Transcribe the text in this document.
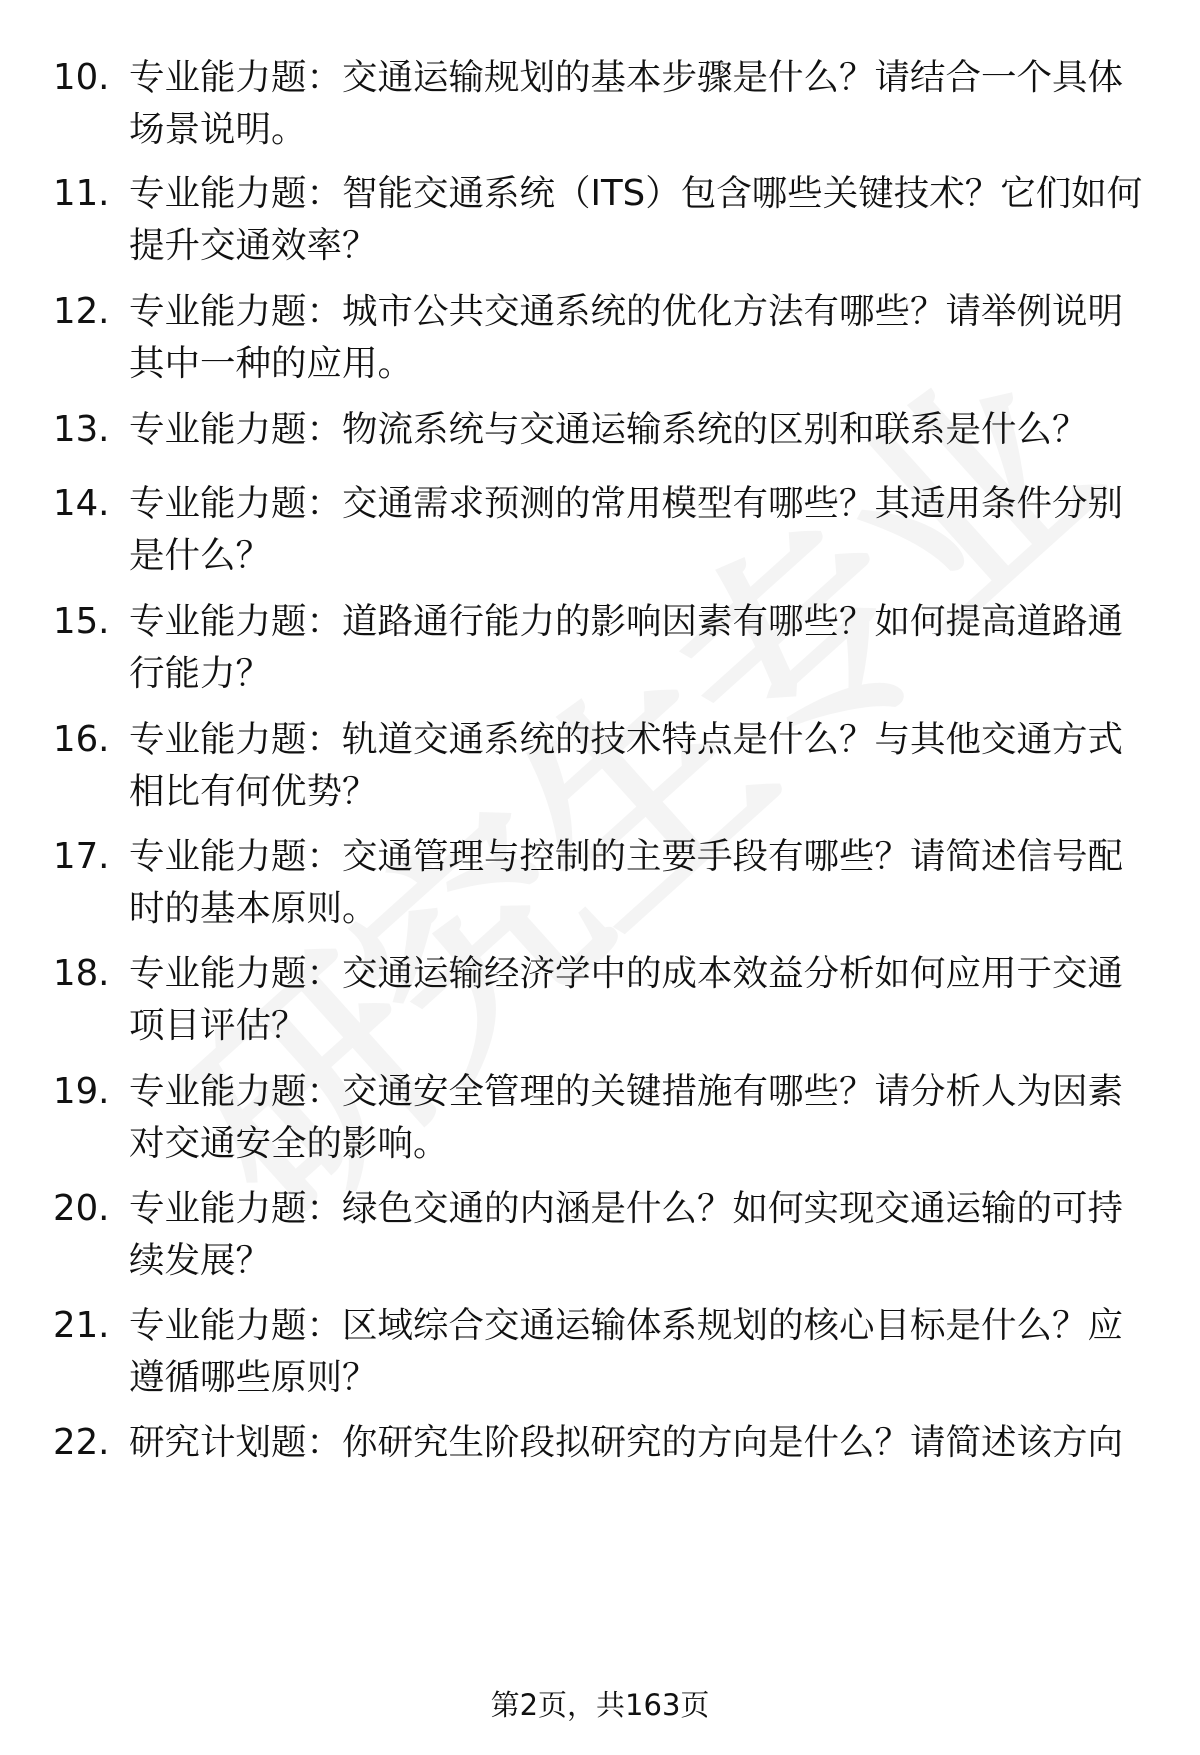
10. 专业能力题：交通运输规划的基本步骤是什么？请结合一个具体
场景说明。
11. 专业能力题：智能交通系统（ITS）包含哪些关键技术？它们如何
提升交通效率？
12. 专业能力题：城市公共交通系统的优化方法有哪些？请举例说明
其中一种的应用。
13. 专业能力题：物流系统与交通运输系统的区别和联系是什么？
14. 专业能力题：交通需求预测的常用模型有哪些？其适用条件分别
是什么？
15. 专业能力题：道路通行能力的影响因素有哪些？如何提高道路通
行能力？
16. 专业能力题：轨道交通系统的技术特点是什么？与其他交通方式
相比有何优势？
17. 专业能力题：交通管理与控制的主要手段有哪些？请简述信号配
时的基本原则。
18. 专业能力题：交通运输经济学中的成本效益分析如何应用于交通
项目评估？
19. 专业能力题：交通安全管理的关键措施有哪些？请分析人为因素
对交通安全的影响。
20. 专业能力题：绿色交通的内涵是什么？如何实现交通运输的可持
续发展？
21. 专业能力题：区域综合交通运输体系规划的核心目标是什么？应
遵循哪些原则？
22. 研究计划题：你研究生阶段拟研究的方向是什么？请简述该方向
第2页，共163页
